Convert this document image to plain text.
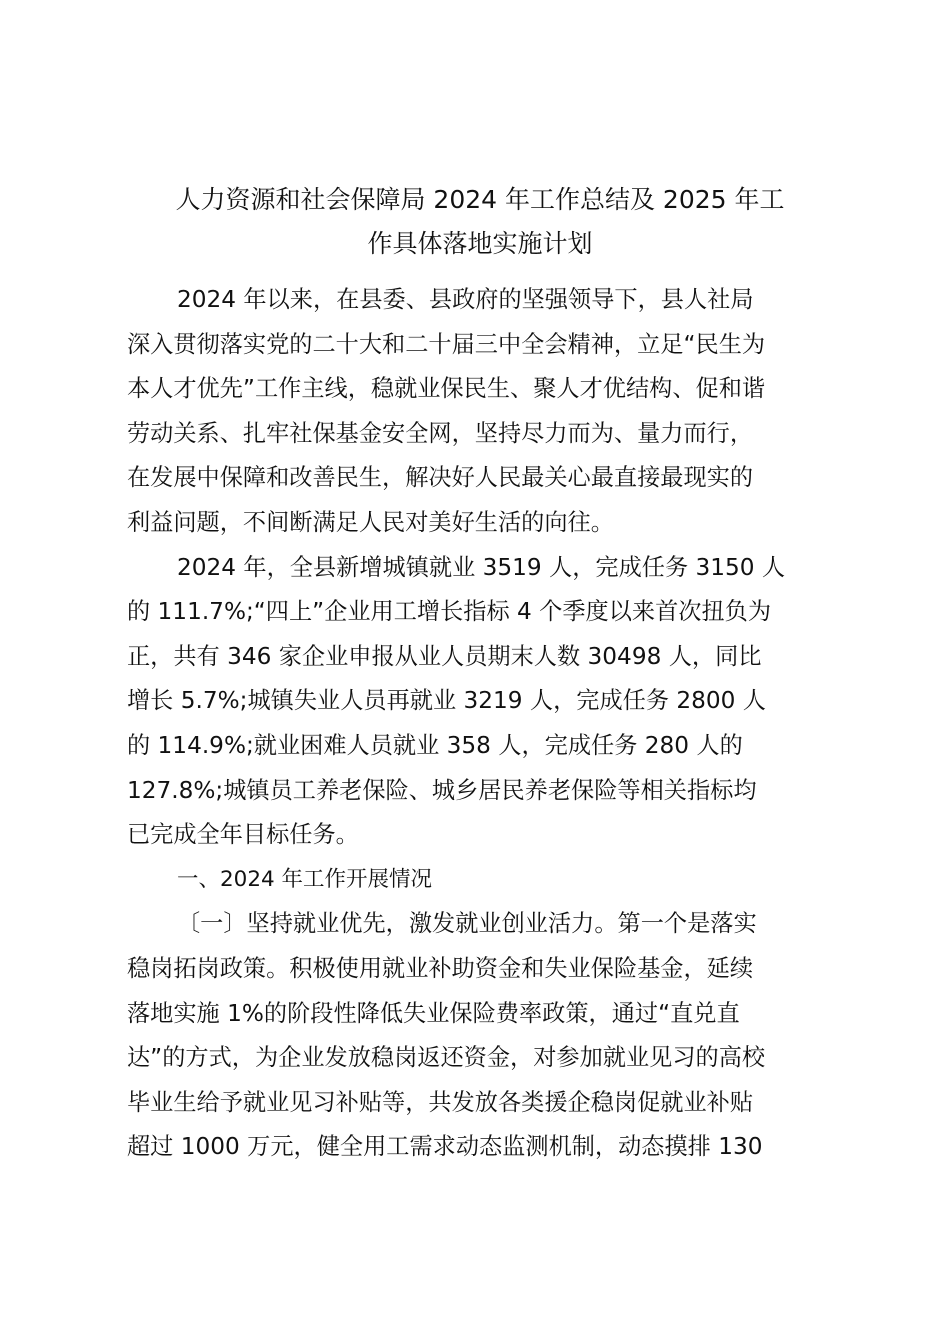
人力资源和社会保障局 2024 年工作总结及 2025 年工
作具体落地实施计划

2024 年以来，在县委、县政府的坚强领导下，县人社局
深入贯彻落实党的二十大和二十届三中全会精神，立足“民生为
本人才优先”工作主线，稳就业保民生、聚人才优结构、促和谐
劳动关系、扎牢社保基金安全网，坚持尽力而为、量力而行，
在发展中保障和改善民生，解决好人民最关心最直接最现实的
利益问题，不间断满足人民对美好生活的向往。

2024 年，全县新增城镇就业 3519 人，完成任务 3150 人
的 111.7%;“四上”企业用工增长指标 4 个季度以来首次扭负为
正，共有 346 家企业申报从业人员期末人数 30498 人，同比
增长 5.7%;城镇失业人员再就业 3219 人，完成任务 2800 人
的 114.9%;就业困难人员就业 358 人，完成任务 280 人的
127.8%;城镇员工养老保险、城乡居民养老保险等相关指标均
已完成全年目标任务。

一、2024 年工作开展情况

〔一〕坚持就业优先，激发就业创业活力。第一个是落实
稳岗拓岗政策。积极使用就业补助资金和失业保险基金，延续
落地实施 1%的阶段性降低失业保险费率政策，通过“直兑直
达”的方式，为企业发放稳岗返还资金，对参加就业见习的高校
毕业生给予就业见习补贴等，共发放各类援企稳岗促就业补贴
超过 1000 万元，健全用工需求动态监测机制，动态摸排 130
